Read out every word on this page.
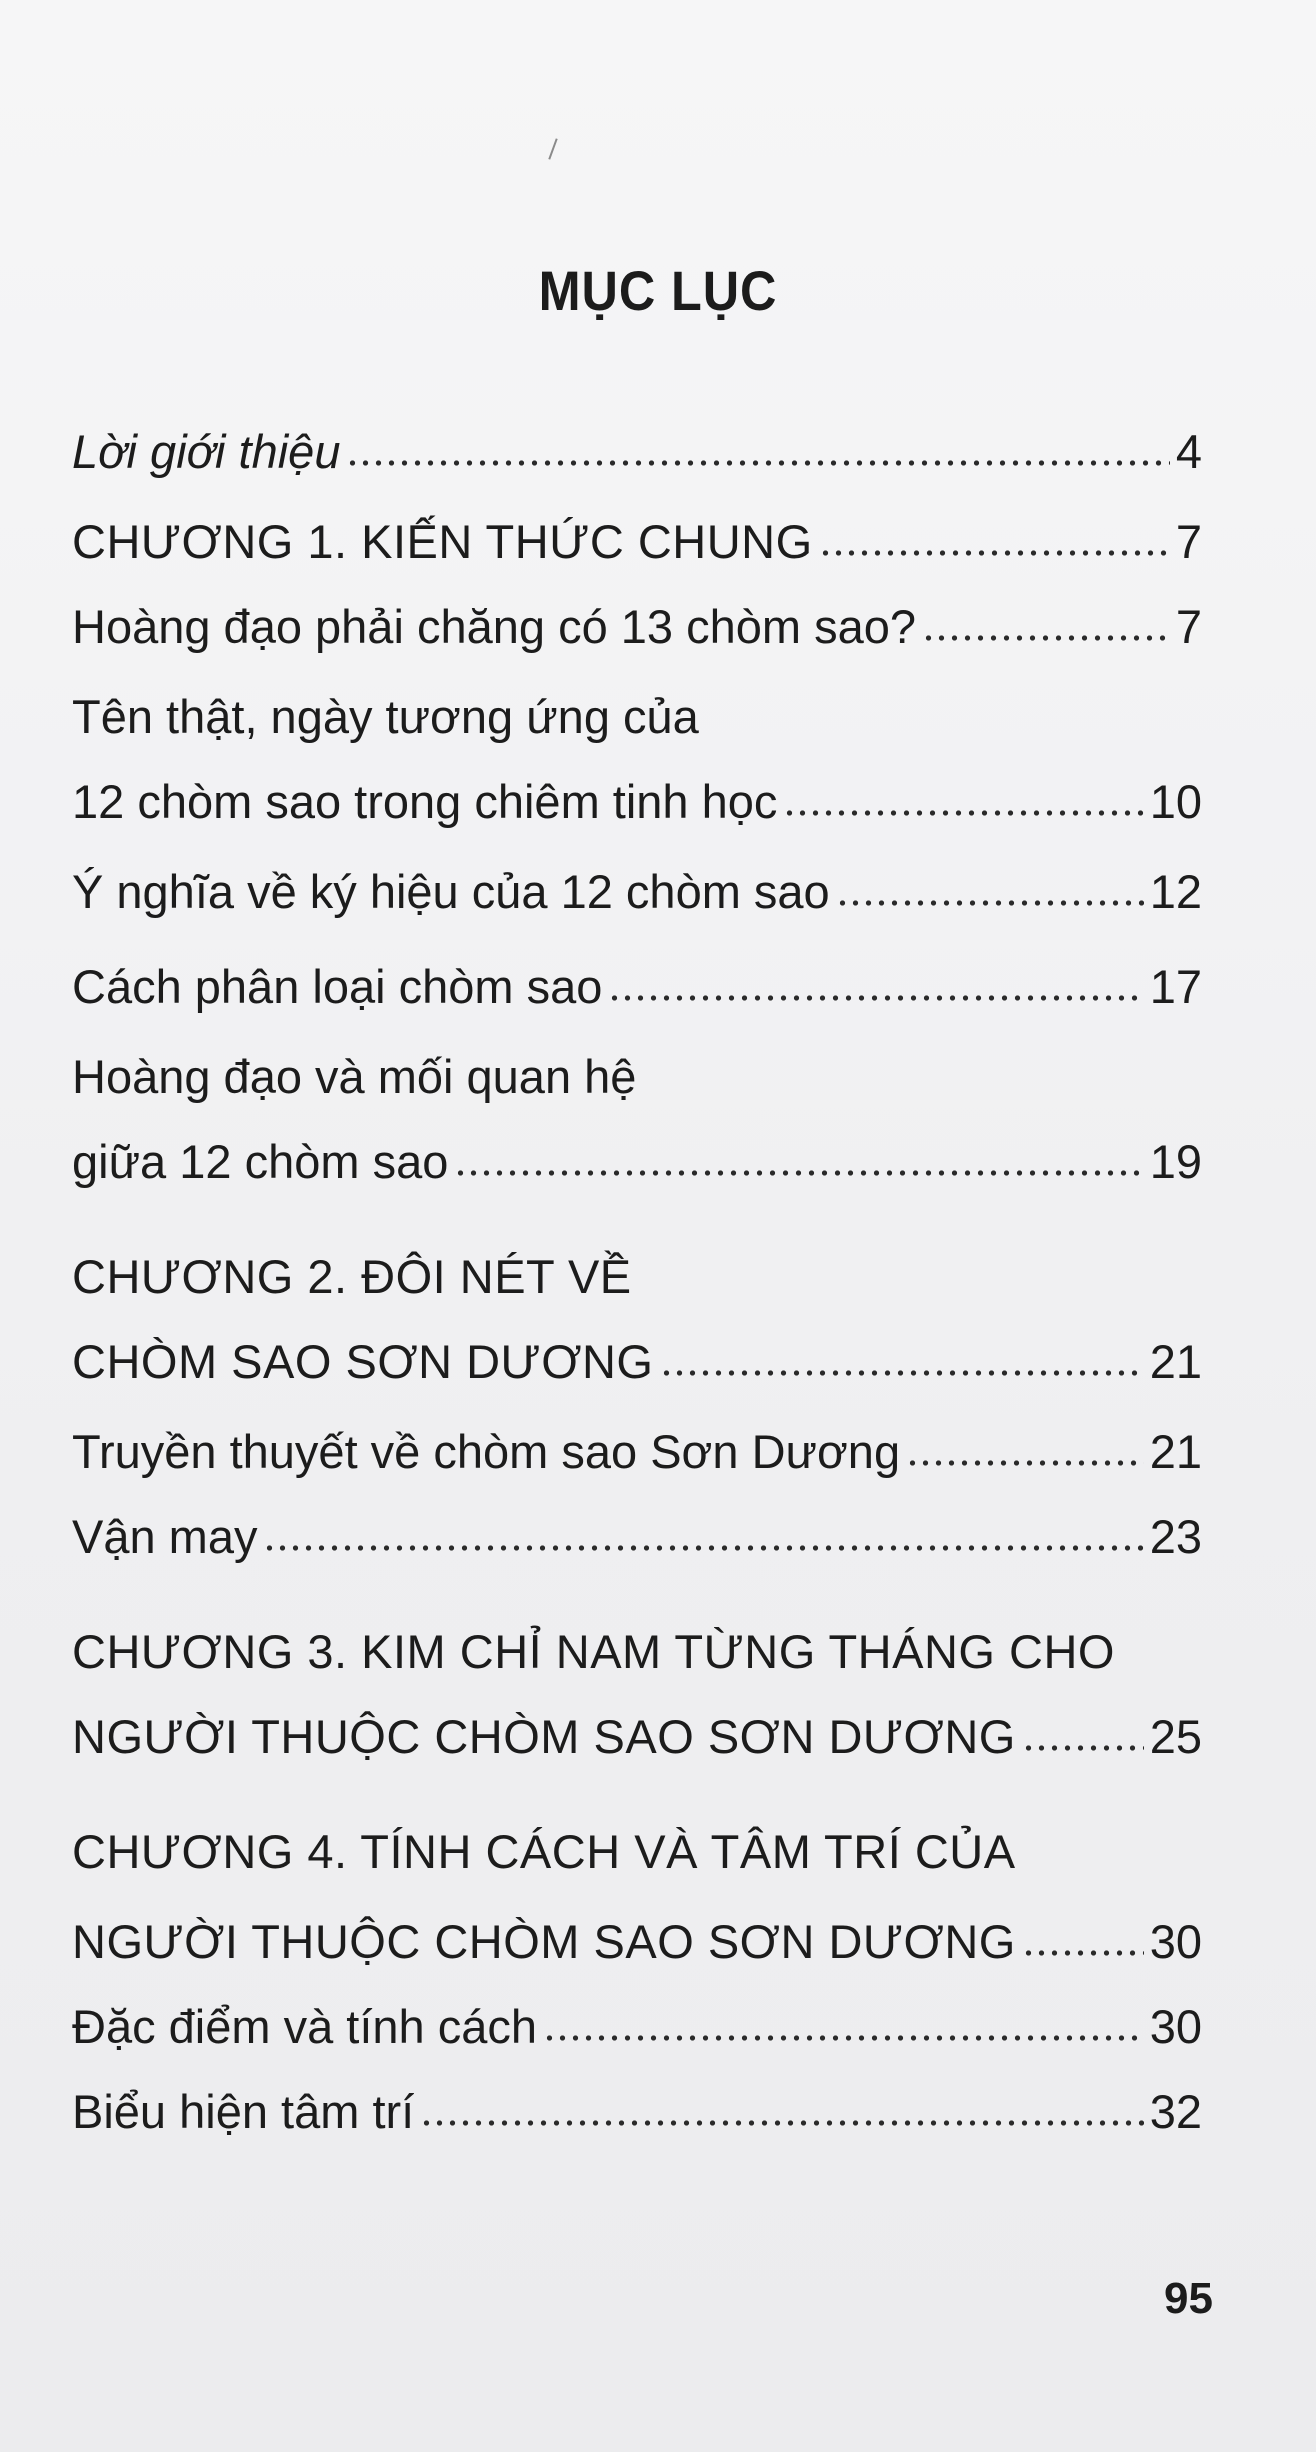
MỤC LỤC
Lời giới thiệu	4
CHƯƠNG 1. KIẾN THỨC CHUNG	7
Hoàng đạo phải chăng có 13 chòm sao?	7
Tên thật, ngày tương ứng của
12 chòm sao trong chiêm tinh học	10
Ý nghĩa về ký hiệu của 12 chòm sao	12
Cách phân loại chòm sao	17
Hoàng đạo và mối quan hệ
giữa 12 chòm sao	19
CHƯƠNG 2. ĐÔI NÉT VỀ
CHÒM SAO SƠN DƯƠNG	21
Truyền thuyết về chòm sao Sơn Dương	21
Vận may	23
CHƯƠNG 3. KIM CHỈ NAM TỪNG THÁNG CHO
NGƯỜI THUỘC CHÒM SAO SƠN DƯƠNG	25
CHƯƠNG 4. TÍNH CÁCH VÀ TÂM TRÍ CỦA
NGƯỜI THUỘC CHÒM SAO SƠN DƯƠNG	30
Đặc điểm và tính cách	30
Biểu hiện tâm trí	32
95
